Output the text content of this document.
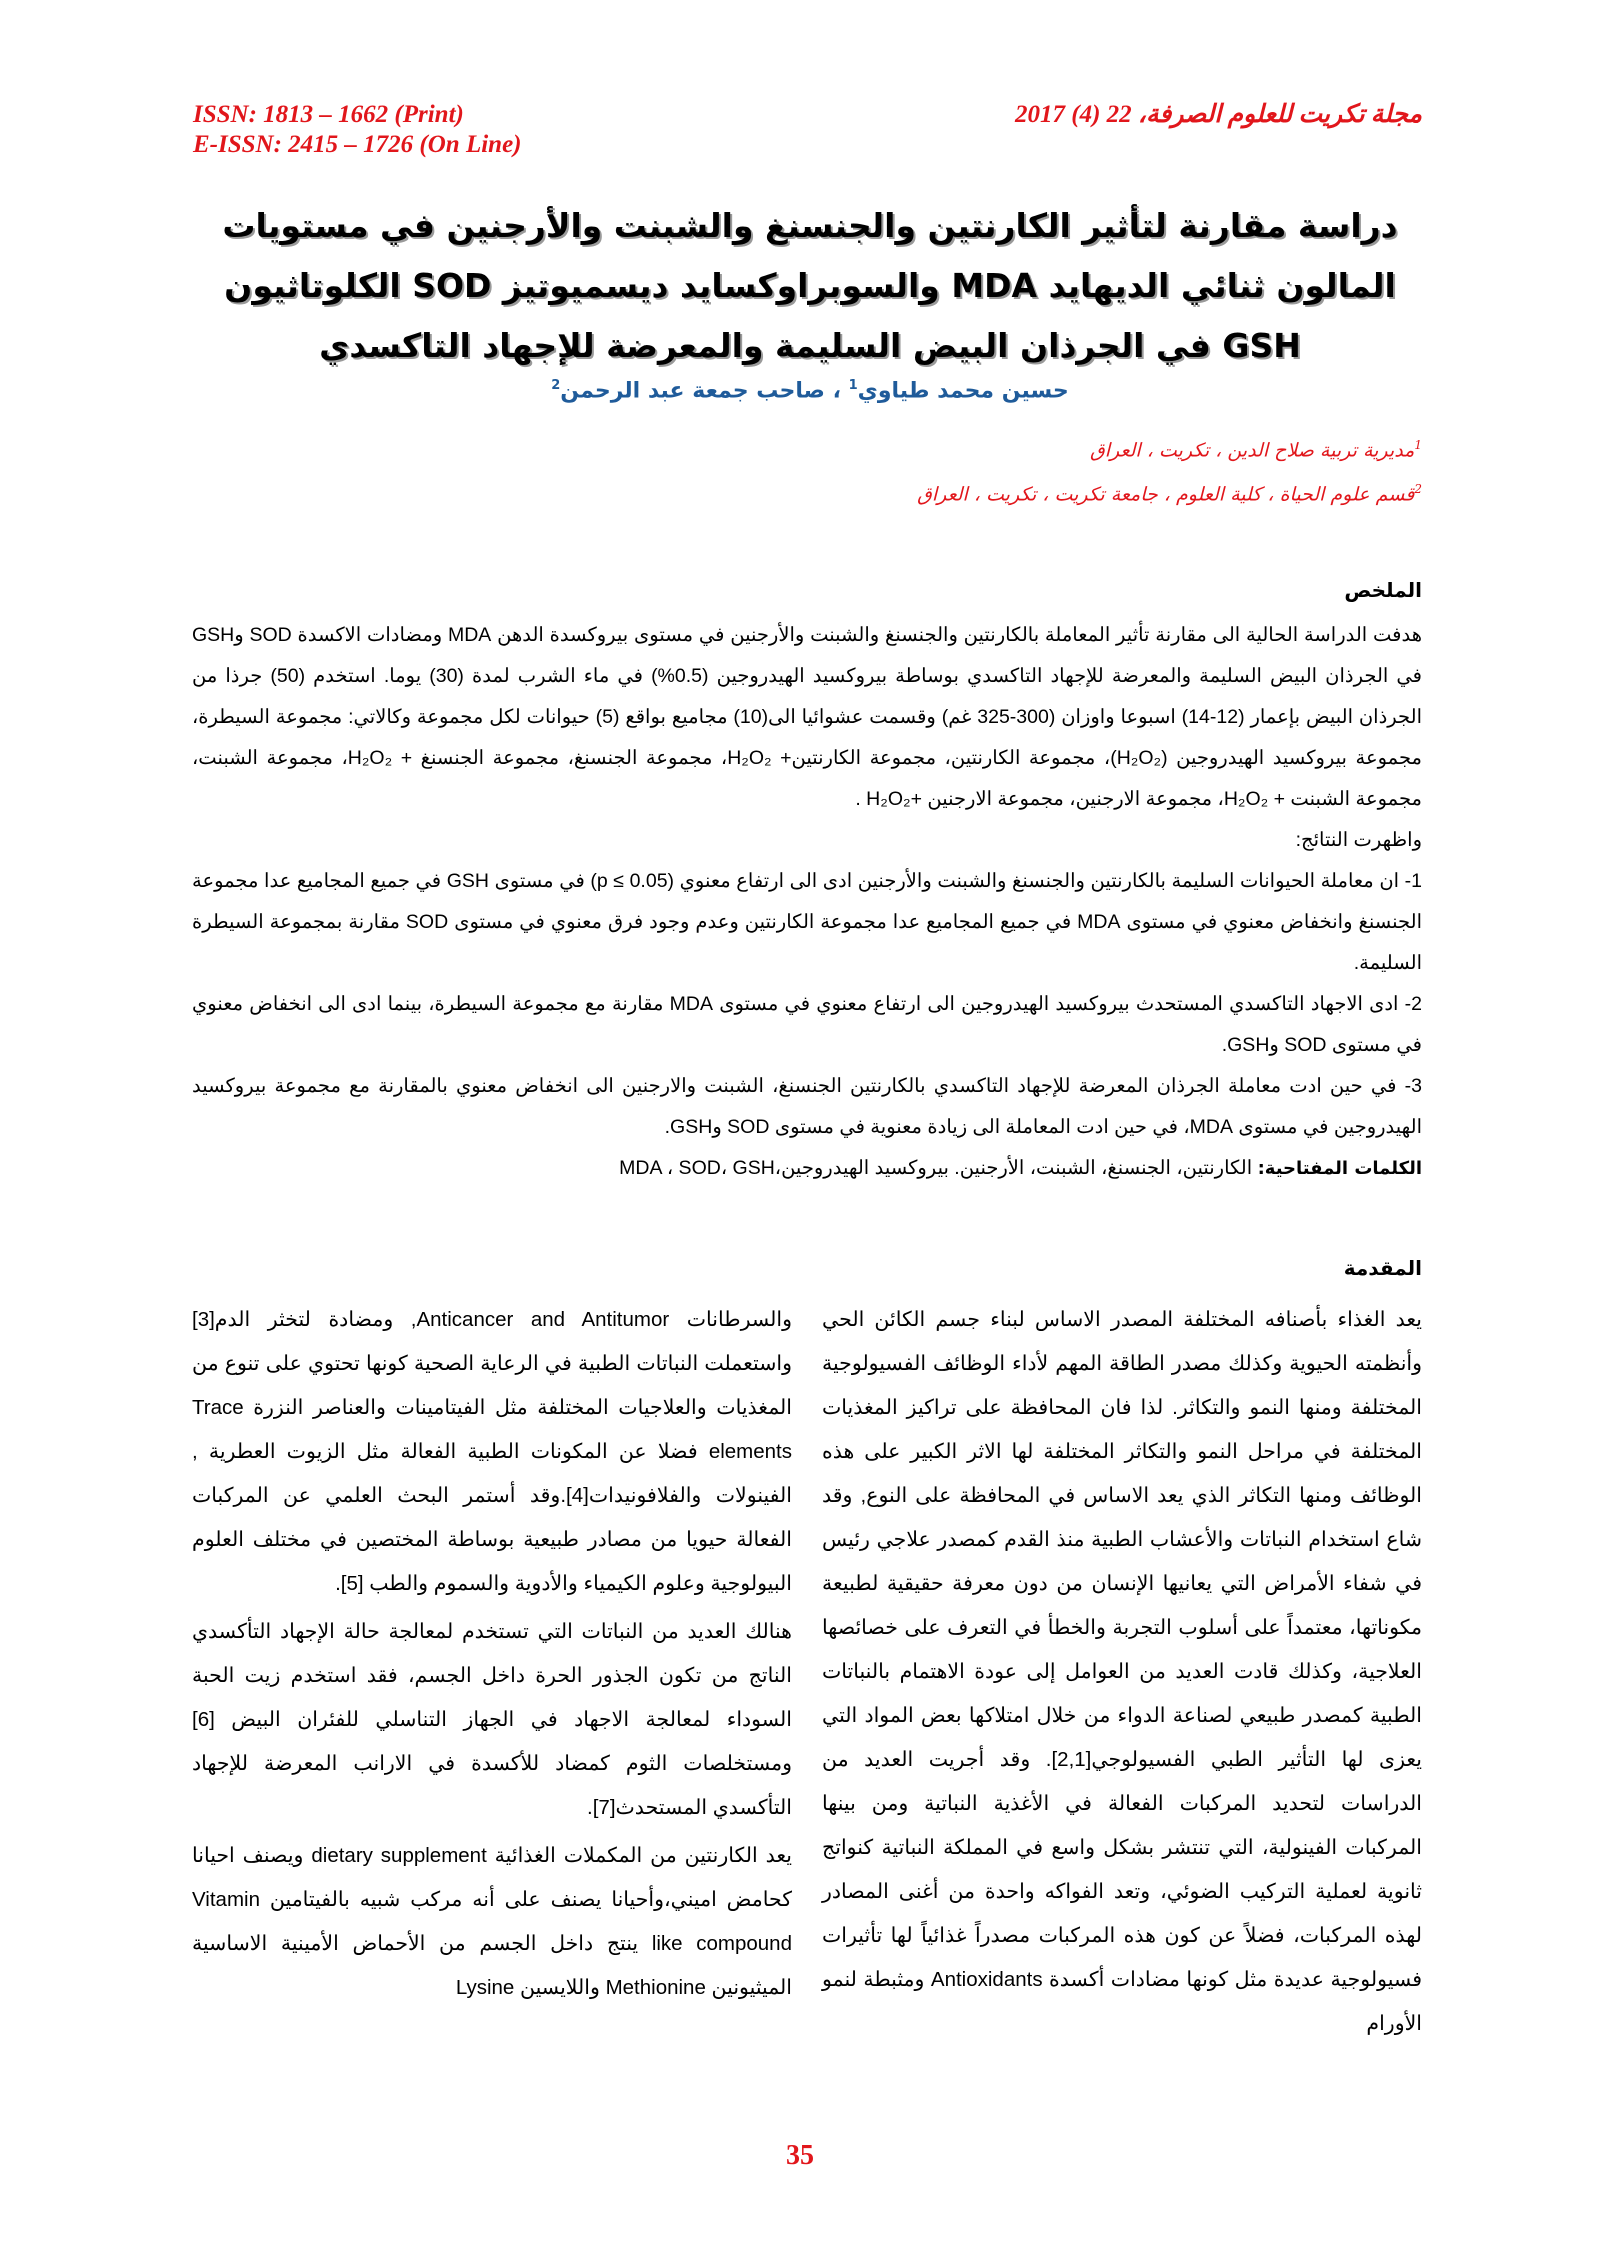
ISSN: 1813 – 1662 (Print)
E-ISSN: 2415 – 1726 (On Line)
مجلة تكريت للعلوم الصرفة، 22 (4) 2017
دراسة مقارنة لتأثير الكارنتين والجنسنغ والشبنت والأرجنين في مستويات المالون ثنائي الديهايد MDA والسوبراوكسايد ديسميوتيز SOD الكلوتاثيون GSH في الجرذان البيض السليمة والمعرضة للإجهاد التاكسدي
حسين محمد طياوي$^1$ ، صاحب جمعة عبد الرحمن$^2$
$^1$مديرية تربية صلاح الدين ، تكريت ، العراق
$^2$قسم علوم الحياة ، كلية العلوم ، جامعة تكريت ، تكريت ، العراق
الملخص

هدفت الدراسة الحالية الى مقارنة تأثير المعاملة بالكارنتين والجنسنغ والشبنت والأرجنين في مستوى بيروكسدة الدهن MDA ومضادات الاكسدة SOD وGSH في الجرذان البيض السليمة والمعرضة للإجهاد التاكسدي بوساطة بيروكسيد الهيدروجين (0.5%) في ماء الشرب لمدة (30) يوما. استخدم (50) جرذا من الجرذان البيض بإعمار (12-14) اسبوعا واوزان (300-325 غم) وقسمت عشوائيا الى(10) مجاميع بواقع (5) حيوانات لكل مجموعة وكالاتي: مجموعة السيطرة، مجموعة بيروكسيد الهيدروجين (H₂O₂)، مجموعة الكارنتين، مجموعة الكارنتين+ H₂O₂، مجموعة الجنسنغ، مجموعة الجنسنغ + H₂O₂، مجموعة الشبنت، مجموعة الشبنت + H₂O₂، مجموعة الارجنين، مجموعة الارجنين +H₂O₂ .

واظهرت النتائج:

1- ان معاملة الحيوانات السليمة بالكارنتين والجنسنغ والشبنت والأرجنين ادى الى ارتفاع معنوي (p ≤ 0.05) في مستوى GSH في جميع المجاميع عدا مجموعة الجنسنغ وانخفاض معنوي في مستوى MDA في جميع المجاميع عدا مجموعة الكارنتين وعدم وجود فرق معنوي في مستوى SOD مقارنة بمجموعة السيطرة السليمة.

2- ادى الاجهاد التاكسدي المستحدث بيروكسيد الهيدروجين الى ارتفاع معنوي في مستوى MDA مقارنة مع مجموعة السيطرة، بينما ادى الى انخفاض معنوي في مستوى SOD وGSH.

3- في حين ادت معاملة الجرذان المعرضة للإجهاد التاكسدي بالكارنتين الجنسنغ، الشبنت والارجنين الى انخفاض معنوي بالمقارنة مع مجموعة بيروكسيد الهيدروجين في مستوى MDA، في حين ادت المعاملة الى زيادة معنوية في مستوى SOD وGSH.

الكلمات المفتاحية: الكارنتين، الجنسنغ، الشبنت، الأرجنين. بيروكسيد الهيدروجين،MDA ، SOD، GSH

المقدمة

يعد الغذاء بأصنافه المختلفة المصدر الاساس لبناء جسم الكائن الحي وأنظمته الحيوية وكذلك مصدر الطاقة المهم لأداء الوظائف الفسيولوجية المختلفة ومنها النمو والتكاثر. لذا فان المحافظة على تراكيز المغذيات المختلفة في مراحل النمو والتكاثر المختلفة لها الاثر الكبير على هذه الوظائف ومنها التكاثر الذي يعد الاساس في المحافظة على النوع, وقد شاع استخدام النباتات والأعشاب الطبية منذ القدم كمصدر علاجي رئيس في شفاء الأمراض التي يعانيها الإنسان من دون معرفة حقيقية لطبيعة مكوناتها، معتمداً على أسلوب التجربة والخطأ في التعرف على خصائصها العلاجية، وكذلك قادت العديد من العوامل إلى عودة الاهتمام بالنباتات الطبية كمصدر طبيعي لصناعة الدواء من خلال امتلاكها بعض المواد التي يعزى لها التأثير الطبي الفسيولوجي[2,1]. وقد أجريت العديد من الدراسات لتحديد المركبات الفعالة في الأغذية النباتية ومن بينها المركبات الفينولية، التي تنتشر بشكل واسع في المملكة النباتية كنواتج ثانوية لعملية التركيب الضوئي، وتعد الفواكه واحدة من أغنى المصادر لهذه المركبات، فضلاً عن كون هذه المركبات مصدراً غذائياً لها تأثيرات فسيولوجية عديدة مثل كونها مضادات أكسدة Antioxidants ومثبطة لنمو الأورام

والسرطانات Anticancer and Antitumor, ومضادة لتخثر الدم[3] واستعملت النباتات الطبية في الرعاية الصحية كونها تحتوي على تنوع من المغذيات والعلاجيات المختلفة مثل الفيتامينات والعناصر النزرة Trace elements فضلا عن المكونات الطبية الفعالة مثل الزيوت العطرية , الفينولات والفلافونيدات[4].وقد أستمر البحث العلمي عن المركبات الفعالة حيويا من مصادر طبيعية بوساطة المختصين في مختلف العلوم البيولوجية وعلوم الكيمياء والأدوية والسموم والطب [5].

هنالك العديد من النباتات التي تستخدم لمعالجة حالة الإجهاد التأكسدي الناتج من تكون الجذور الحرة داخل الجسم، فقد استخدم زيت الحبة السوداء لمعالجة الاجهاد في الجهاز التناسلي للفئران البيض [6] ومستخلصات الثوم كمضاد للأكسدة في الارانب المعرضة للإجهاد التأكسدي المستحدث[7].

يعد الكارنتين من المكملات الغذائية dietary supplement ويصنف احيانا كحامض اميني،وأحيانا يصنف على أنه مركب شبيه بالفيتامين Vitamin like compound ينتج داخل الجسم من الأحماض الأمينية الاساسية الميثيونين Methionine واللايسين Lysine

35
